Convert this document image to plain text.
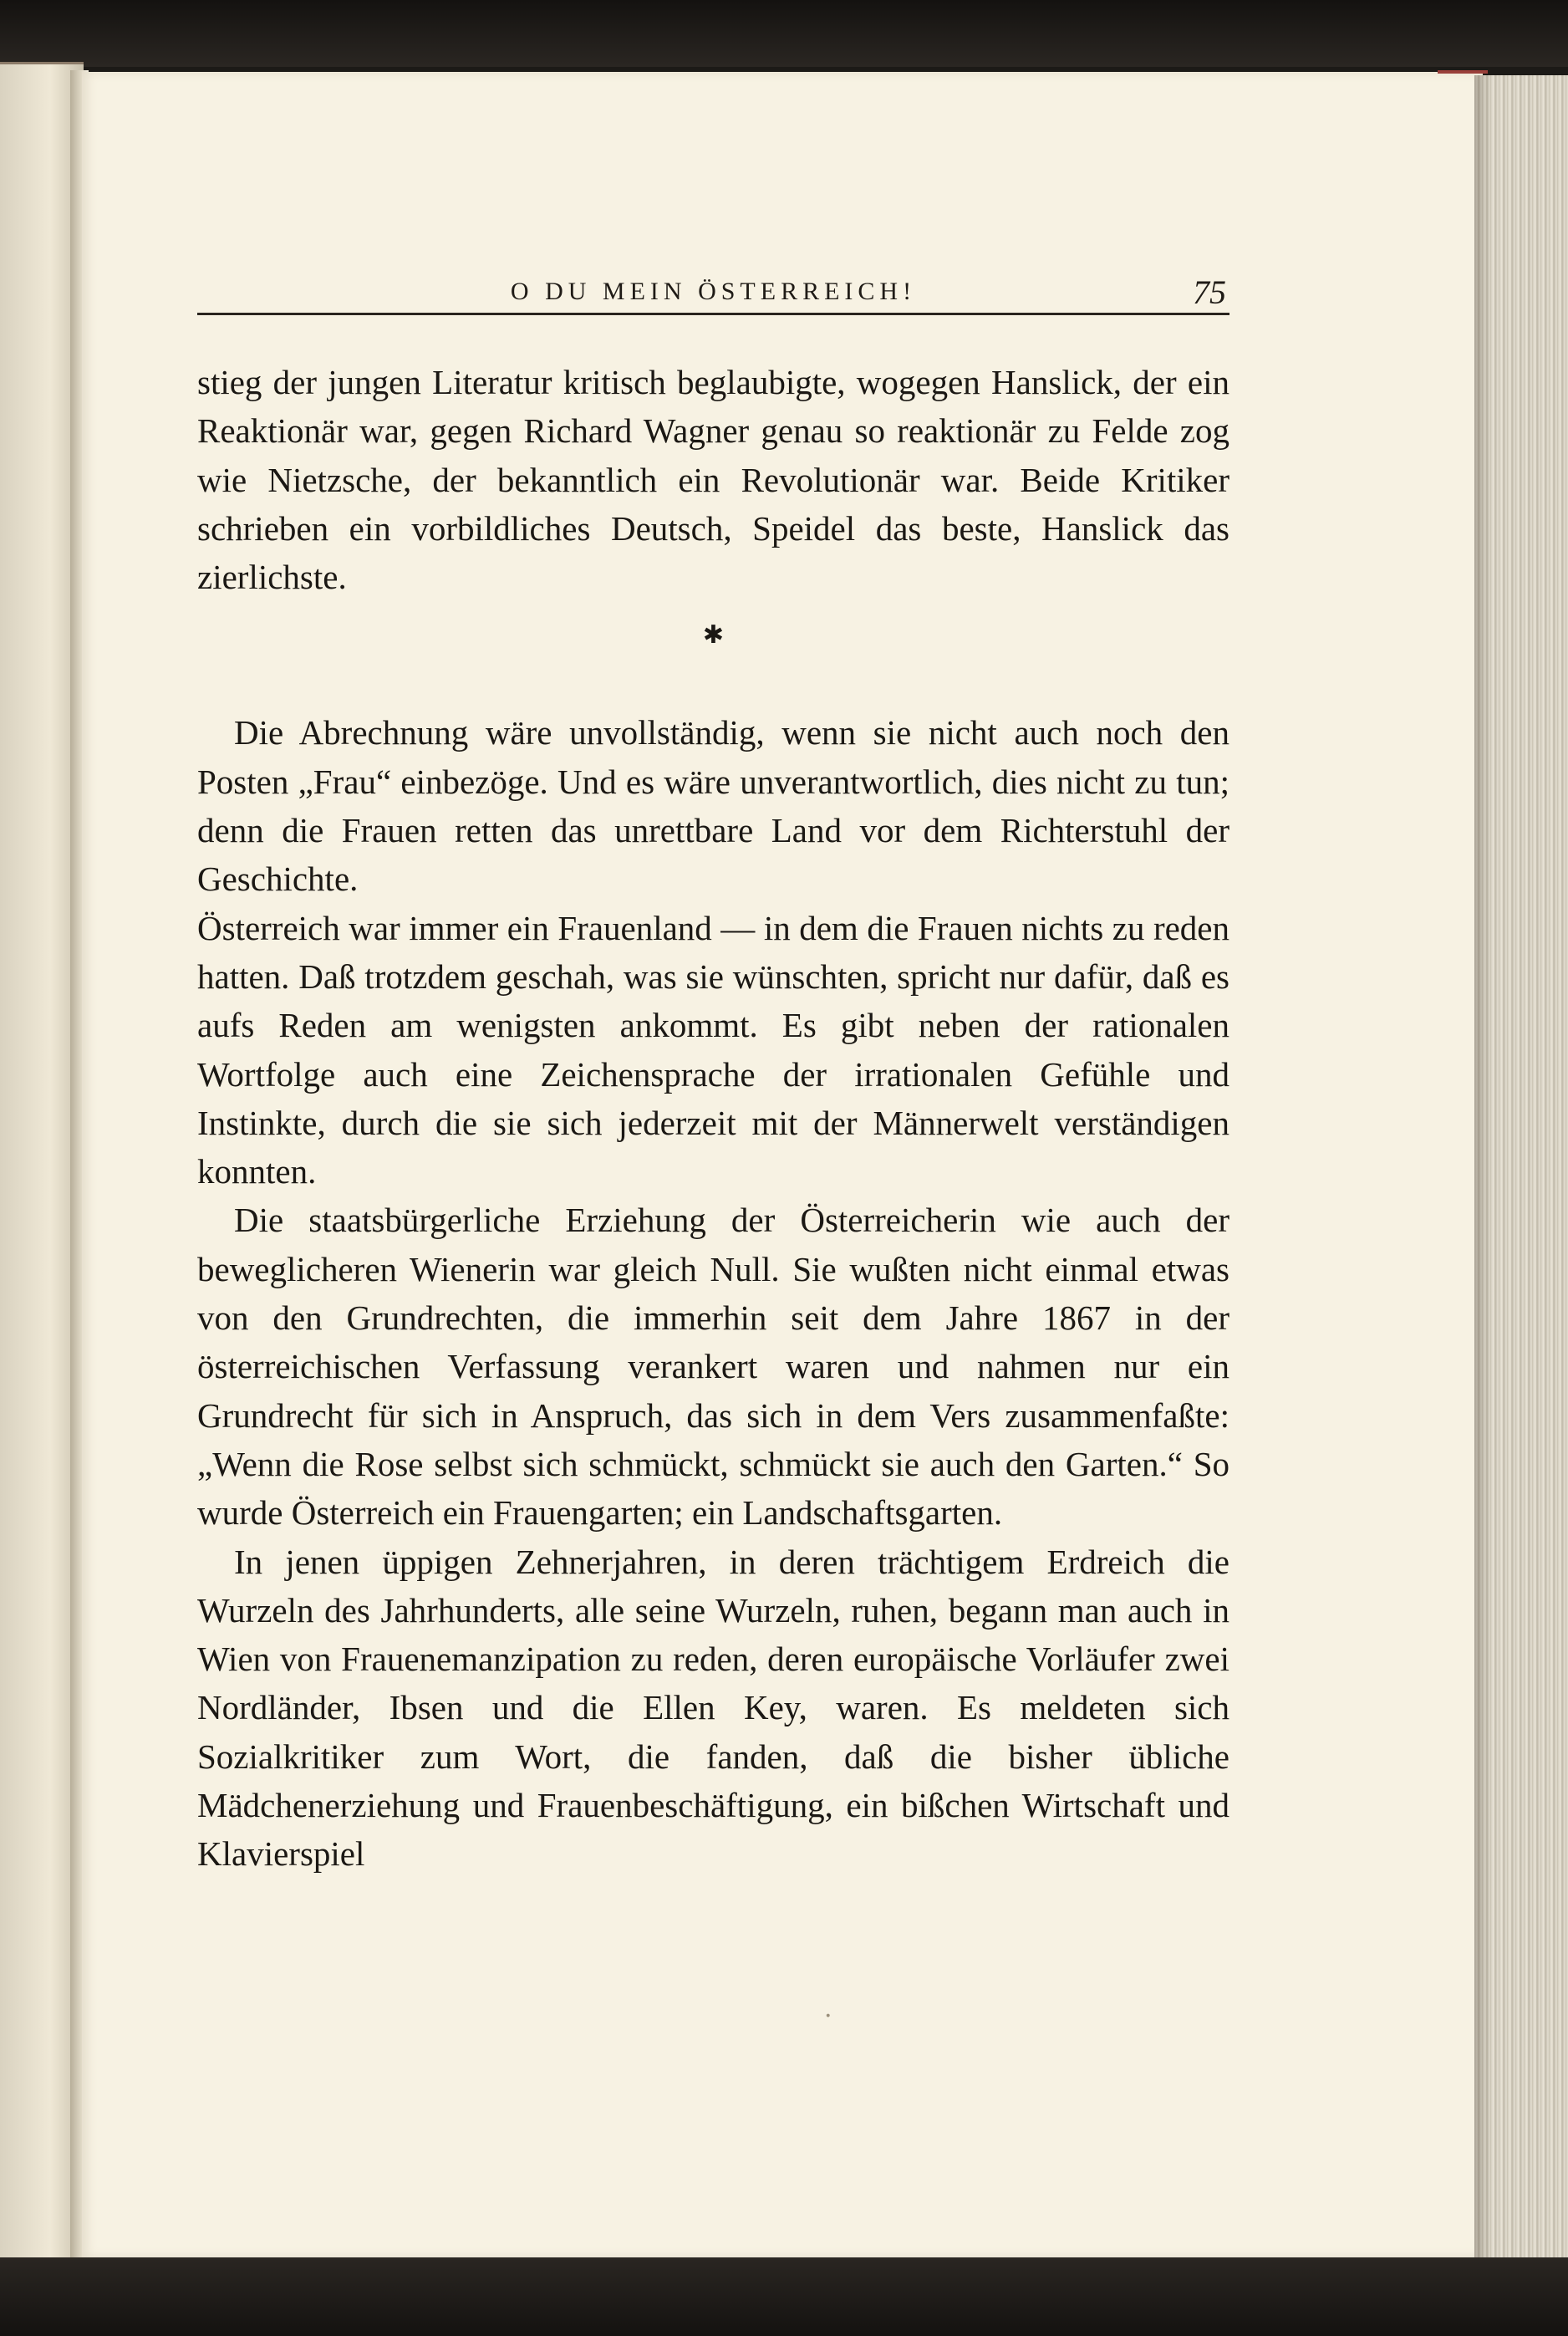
O DU MEIN ÖSTERREICH!	75

stieg der jungen Literatur kritisch beglaubigte, wogegen Hanslick, der ein Reaktionär war, gegen Richard Wagner genau so reaktionär zu Felde zog wie Nietzsche, der bekanntlich ein Revolutionär war. Beide Kritiker schrieben ein vorbildliches Deutsch, Speidel das beste, Hanslick das zierlichste.

✱

Die Abrechnung wäre unvollständig, wenn sie nicht auch noch den Posten „Frau“ einbezöge. Und es wäre unverantwortlich, dies nicht zu tun; denn die Frauen retten das unrettbare Land vor dem Richterstuhl der Geschichte.

Österreich war immer ein Frauenland — in dem die Frauen nichts zu reden hatten. Daß trotzdem geschah, was sie wünschten, spricht nur dafür, daß es aufs Reden am wenigsten ankommt. Es gibt neben der rationalen Wortfolge auch eine Zeichensprache der irrationalen Gefühle und Instinkte, durch die sie sich jederzeit mit der Männerwelt verständigen konnten.

Die staatsbürgerliche Erziehung der Österreicherin wie auch der beweglicheren Wienerin war gleich Null. Sie wußten nicht einmal etwas von den Grundrechten, die immerhin seit dem Jahre 1867 in der österreichischen Verfassung verankert waren und nahmen nur ein Grundrecht für sich in Anspruch, das sich in dem Vers zusammenfaßte: „Wenn die Rose selbst sich schmückt, schmückt sie auch den Garten.“ So wurde Österreich ein Frauengarten; ein Landschaftsgarten.

In jenen üppigen Zehnerjahren, in deren trächtigem Erdreich die Wurzeln des Jahrhunderts, alle seine Wurzeln, ruhen, begann man auch in Wien von Frauenemanzipation zu reden, deren europäische Vorläufer zwei Nordländer, Ibsen und die Ellen Key, waren. Es meldeten sich Sozialkritiker zum Wort, die fanden, daß die bisher übliche Mädchenerziehung und Frauenbeschäftigung, ein bißchen Wirtschaft und Klavierspiel

·
